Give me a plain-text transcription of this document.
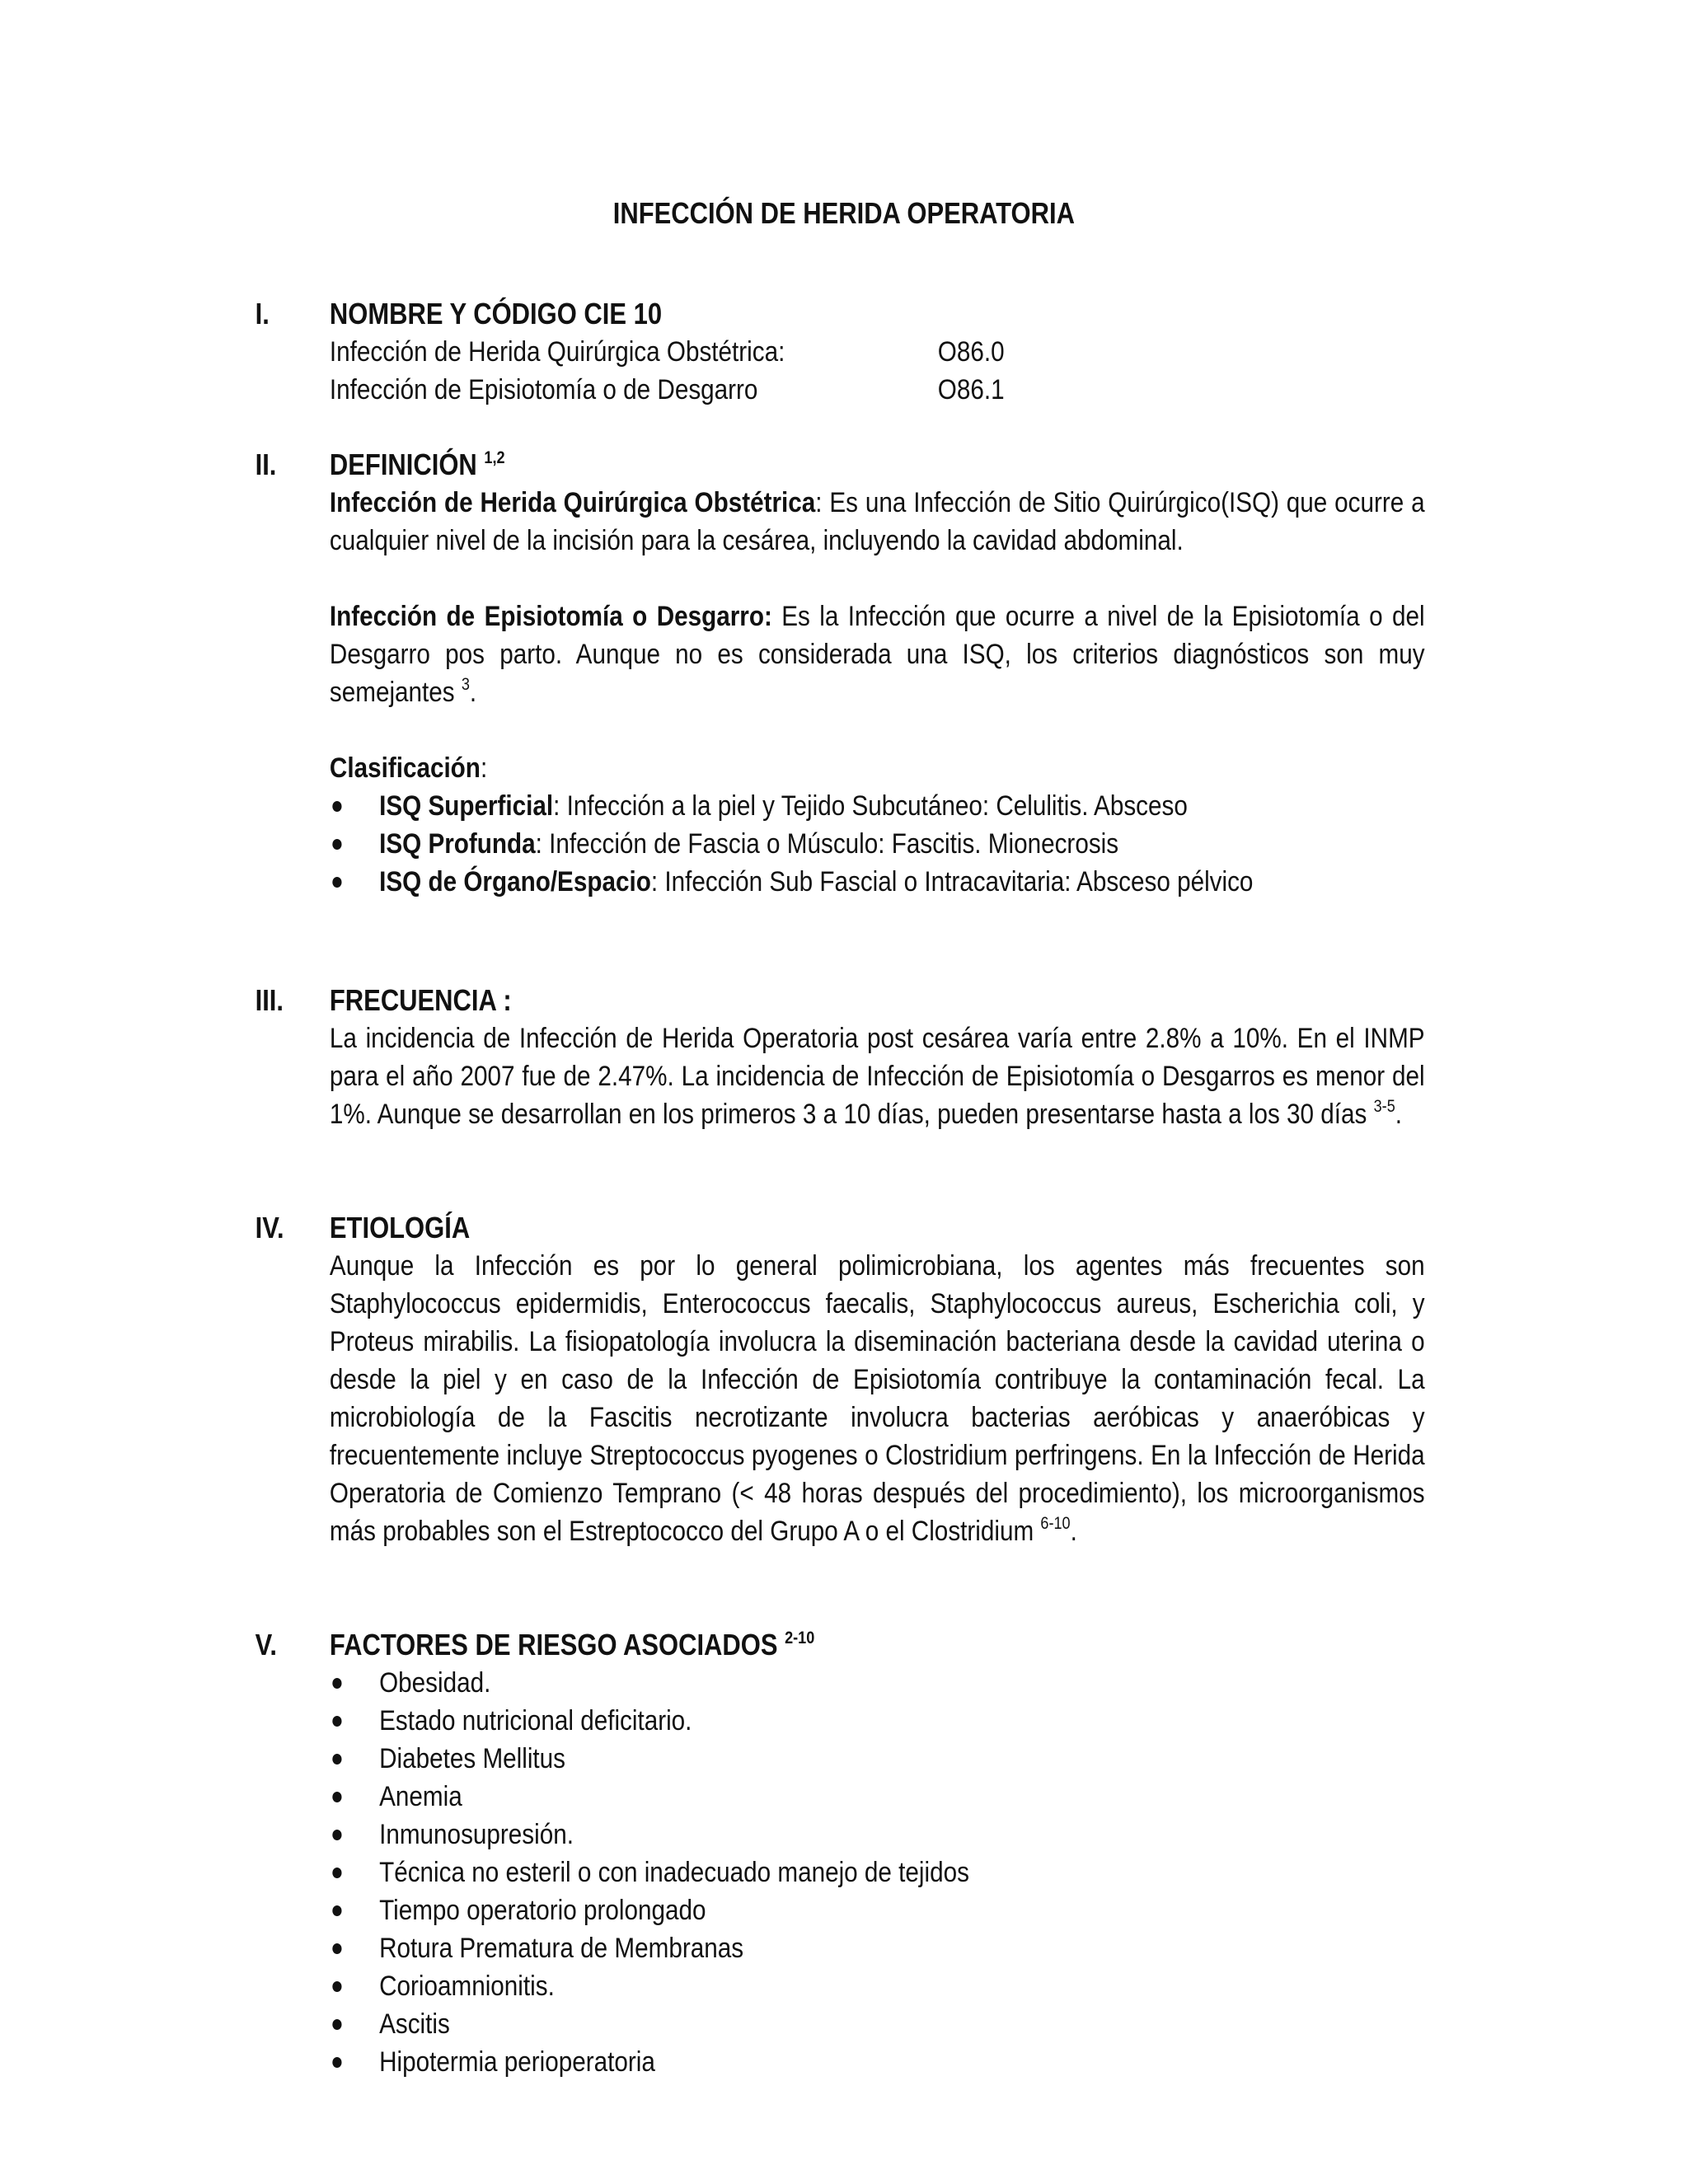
INFECCIÓN DE HERIDA OPERATORIA
I. NOMBRE Y CÓDIGO CIE 10
Infección de Herida Quirúrgica Obstétrica:	O86.0
Infección de Episiotomía o de Desgarro	O86.1
II. DEFINICIÓN $^{1,2}$

Infección de Herida Quirúrgica Obstétrica: Es una Infección de Sitio Quirúrgico(ISQ) que ocurre a cualquier nivel de la incisión para la cesárea, incluyendo la cavidad abdominal.

Infección de Episiotomía o Desgarro: Es la Infección que ocurre a nivel de la Episiotomía o del Desgarro pos parto. Aunque no es considerada una ISQ, los criterios diagnósticos son muy semejantes $^3$.

Clasificación:
ISQ Superficial: Infección a la piel y Tejido Subcutáneo: Celulitis. Absceso
ISQ Profunda: Infección de Fascia o Músculo: Fascitis. Mionecrosis
ISQ de Órgano/Espacio: Infección Sub Fascial o Intracavitaria: Absceso pélvico
III. FRECUENCIA :

La incidencia de Infección de Herida Operatoria post cesárea varía entre 2.8% a 10%. En el INMP para el año 2007 fue de 2.47%. La incidencia de Infección de Episiotomía o Desgarros es menor del 1%. Aunque se desarrollan en los primeros 3 a 10 días, pueden presentarse hasta a los 30 días $^{3-5}$.

IV. ETIOLOGÍA

Aunque la Infección es por lo general polimicrobiana, los agentes más frecuentes son Staphylococcus epidermidis, Enterococcus faecalis, Staphylococcus aureus, Escherichia coli, y Proteus mirabilis. La fisiopatología involucra la diseminación bacteriana desde la cavidad uterina o desde la piel y en caso de la Infección de Episiotomía contribuye la contaminación fecal. La microbiología de la Fascitis necrotizante involucra bacterias aeróbicas y anaeróbicas y frecuentemente incluye Streptococcus pyogenes o Clostridium perfringens. En la Infección de Herida Operatoria de Comienzo Temprano (< 48 horas después del procedimiento), los microorganismos más probables son el Estreptococco del Grupo A o el Clostridium $^{6-10}$.

V. FACTORES DE RIESGO ASOCIADOS $^{2-10}$
Obesidad.
Estado nutricional deficitario.
Diabetes Mellitus
Anemia
Inmunosupresión.
Técnica no esteril o con inadecuado manejo de tejidos
Tiempo operatorio prolongado
Rotura Prematura de Membranas
Corioamnionitis.
Ascitis
Hipotermia perioperatoria
